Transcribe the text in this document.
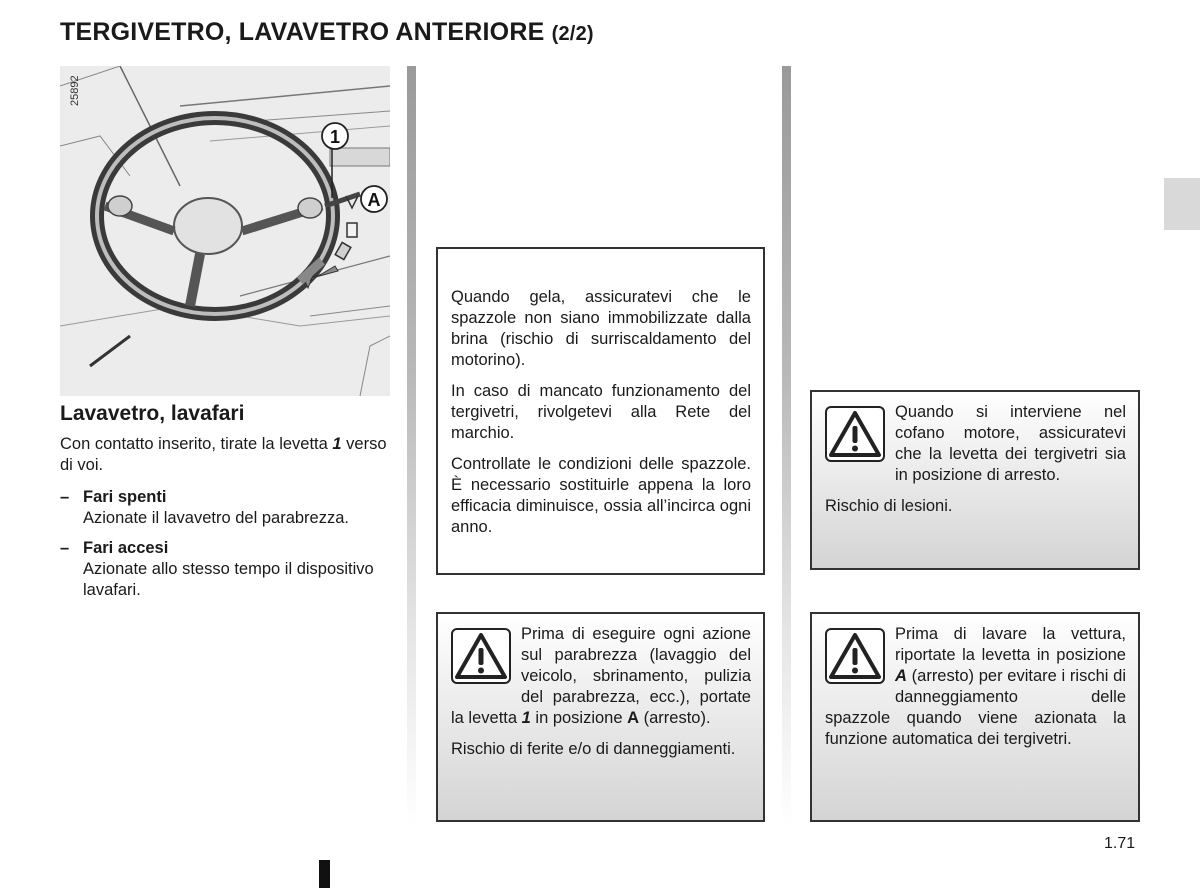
TERGIVETRO, LAVAVETRO ANTERIORE (2/2)
25892
1
A
Lavavetro, lavafari
Con contatto inserito, tirate la levetta 1 verso di voi.
– Fari spenti
Azionate il lavavetro del parabrezza.
– Fari accesi
Azionate allo stesso tempo il dispositivo lavafari.

Quando gela, assicuratevi che le spazzole non siano immobilizzate dalla brina (rischio di surriscaldamento del motorino).

In caso di mancato funzionamento del tergivetri, rivolgetevi alla Rete del marchio.

Controllate le condizioni delle spazzole. È necessario sostituirle appena la loro efficacia diminuisce, ossia all’incirca ogni anno.

Prima di eseguire ogni azione sul parabrezza (lavaggio del veicolo, sbrinamento, pulizia del parabrezza, ecc.), portate la levetta 1 in posizione A (arresto).

Rischio di ferite e/o di danneggiamenti.

Quando si interviene nel cofano motore, assicuratevi che la levetta dei tergivetri sia in posizione di arresto.

Rischio di lesioni.

Prima di lavare la vettura, riportate la levetta in posizione A (arresto) per evitare i rischi di danneggiamento delle spazzole quando viene azionata la funzione automatica dei tergivetri.

1.71
